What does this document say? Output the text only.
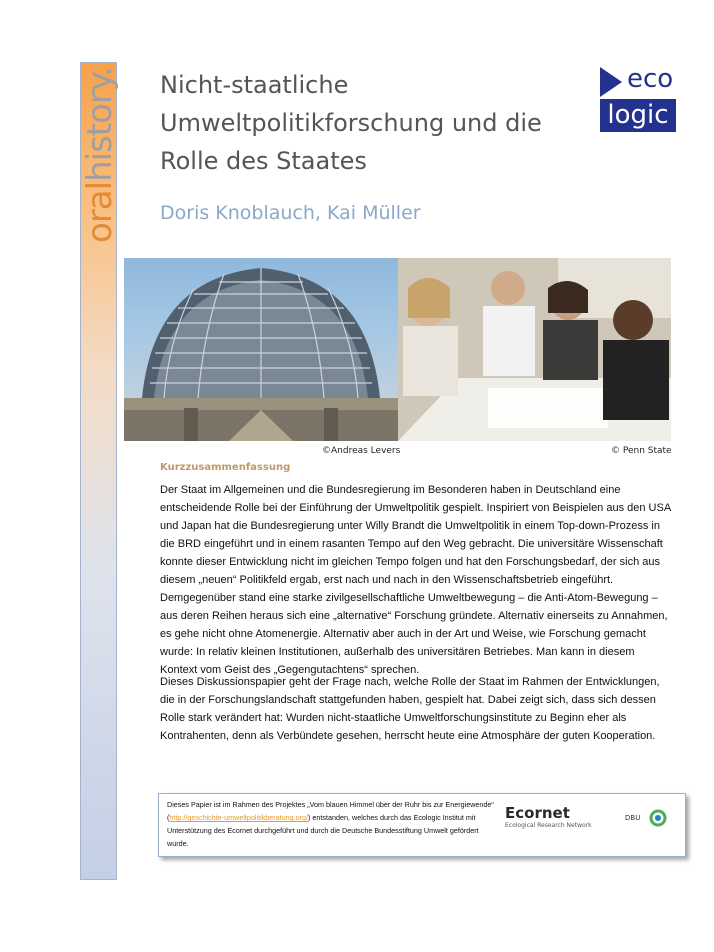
oralhistory. Nicht-staatliche Umweltpolitikforschung und die Rolle des Staates
Doris Knoblauch, Kai Müller
eco
logic
©Andreas Levers	© Penn State
Kurzzusammenfassung

Der Staat im Allgemeinen und die Bundesregierung im Besonderen haben in Deutschland eine entscheidende Rolle bei der Einführung der Umweltpolitik gespielt. Inspiriert von Beispielen aus den USA und Japan hat die Bundesregierung unter Willy Brandt die Umweltpolitik in einem Top-down-Prozess in die BRD eingeführt und in einem rasanten Tempo auf den Weg gebracht. Die universitäre Wissenschaft konnte dieser Entwicklung nicht im gleichen Tempo folgen und hat den Forschungsbedarf, der sich aus diesem „neuen“ Politikfeld ergab, erst nach und nach in den Wissenschaftsbetrieb eingeführt. Demgegenüber stand eine starke zivilgesellschaftliche Umweltbewegung – die Anti-Atom-Bewegung – aus deren Reihen heraus sich eine „alternative“ Forschung gründete. Alternativ einerseits zu Annahmen, es gehe nicht ohne Atomenergie. Alternativ aber auch in der Art und Weise, wie Forschung gemacht wurde: In relativ kleinen Institutionen, außerhalb des universitären Betriebes. Man kann in diesem Kontext vom Geist des „Gegengutachtens“ sprechen.

Dieses Diskussionspapier geht der Frage nach, welche Rolle der Staat im Rahmen der Entwicklungen, die in der Forschungslandschaft stattgefunden haben, gespielt hat. Dabei zeigt sich, dass sich dessen Rolle stark verändert hat: Wurden nicht-staatliche Umweltforschungsinstitute zu Beginn eher als Kontrahenten, denn als Verbündete gesehen, herrscht heute eine Atmosphäre der guten Kooperation.

Dieses Papier ist im Rahmen des Projektes „Vom blauen Himmel über der Ruhr bis zur Energiewende“ (http://geschichte-umweltpolitikberatung.org/) entstanden, welches durch das Ecologic Institut mit Unterstützung des Ecornet durchgeführt und durch die Deutsche Bundesstiftung Umwelt gefördert wurde.

Ecornet
Ecological Research Network
DBU
